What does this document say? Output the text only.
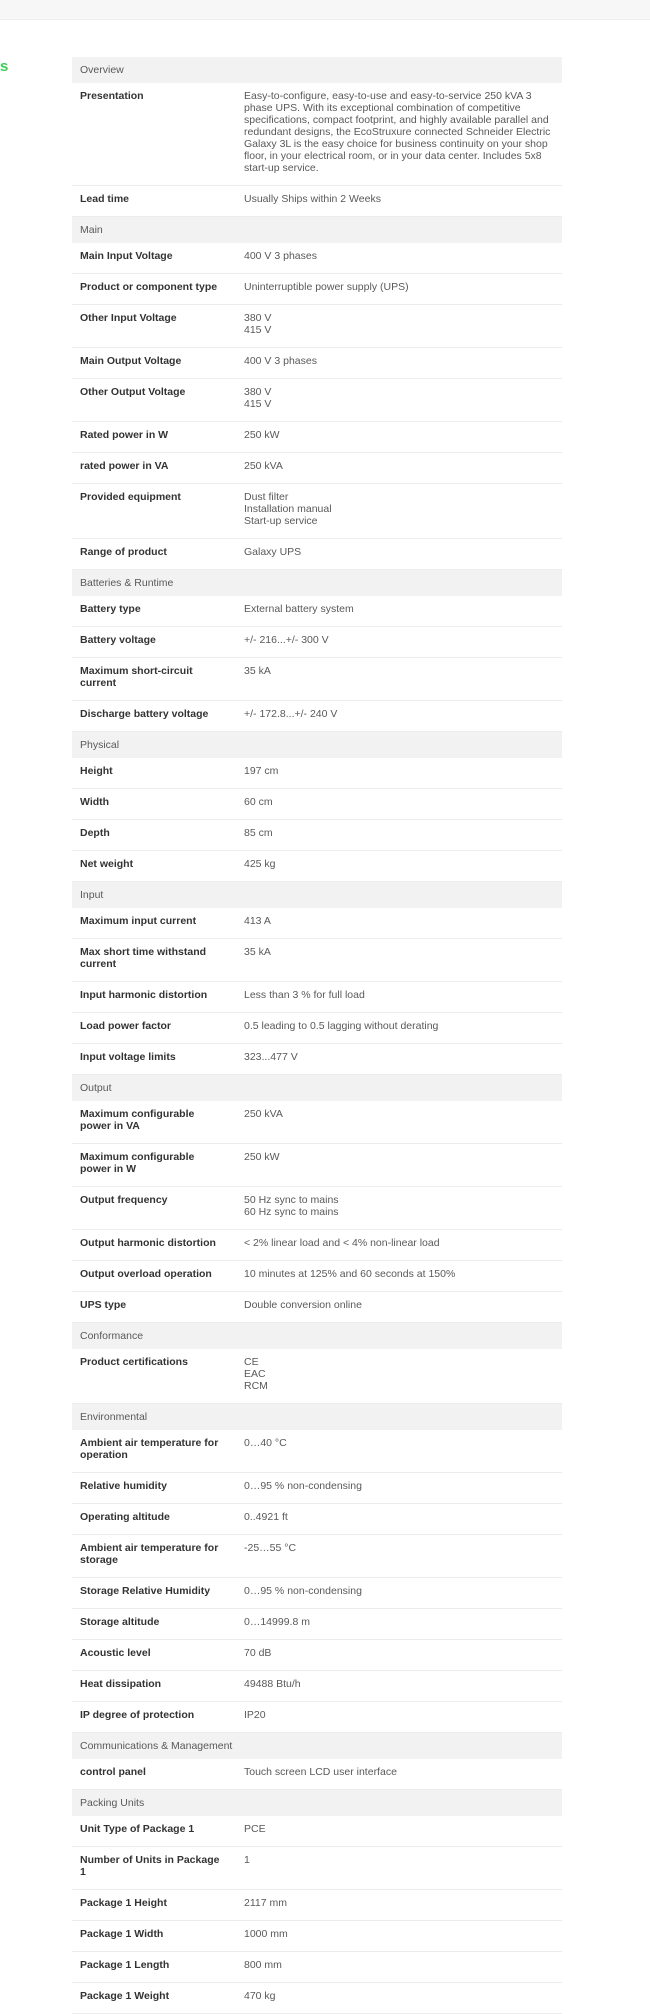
s	Overview	
Presentation	Easy-to-configure, easy-to-use and easy-to-service 250 kVA 3 phase UPS. With its exceptional combination of competitive specifications, compact footprint, and highly available parallel and redundant designs, the EcoStruxure connected Schneider Electric Galaxy 3L is the easy choice for business continuity on your shop floor, in your electrical room, or in your data center. Includes 5x8 start-up service.

Lead time	Usually Ships within 2 Weeks

Main	
Main Input Voltage	400 V 3 phases

Product or component type	Uninterruptible power supply (UPS)

Other Input Voltage	380 V
415 V

Main Output Voltage	400 V 3 phases

Other Output Voltage	380 V
415 V

Rated power in W	250 kW

rated power in VA	250 kVA

Provided equipment	Dust filter
Installation manual
Start-up service

Range of product	Galaxy UPS

Batteries & Runtime	
Battery type	External battery system

Battery voltage	+/- 216...+/- 300 V

Maximum short-circuit current	35 kA

Discharge battery voltage	+/- 172.8...+/- 240 V

Physical	
Height	197 cm

Width	60 cm

Depth	85 cm

Net weight	425 kg

Input	
Maximum input current	413 A

Max short time withstand current	35 kA

Input harmonic distortion	Less than 3 % for full load

Load power factor	0.5 leading to 0.5 lagging without derating

Input voltage limits	323...477 V

Output	
Maximum configurable power in VA	250 kVA

Maximum configurable power in W	250 kW

Output frequency	50 Hz sync to mains
60 Hz sync to mains

Output harmonic distortion	< 2% linear load and < 4% non-linear load

Output overload operation	10 minutes at 125% and 60 seconds at 150%

UPS type	Double conversion online

Conformance	
Product certifications	CE
EAC
RCM

Environmental	
Ambient air temperature for operation	0…40 °C

Relative humidity	0…95 % non-condensing

Operating altitude	0..4921 ft

Ambient air temperature for storage	-25…55 °C

Storage Relative Humidity	0…95 % non-condensing

Storage altitude	0…14999.8 m

Acoustic level	70 dB

Heat dissipation	49488 Btu/h

IP degree of protection	IP20

Communications & Management	
control panel	Touch screen LCD user interface

Packing Units	
Unit Type of Package 1	PCE

Number of Units in Package 1	1

Package 1 Height	2117 mm

Package 1 Width	1000 mm

Package 1 Length	800 mm

Package 1 Weight	470 kg
